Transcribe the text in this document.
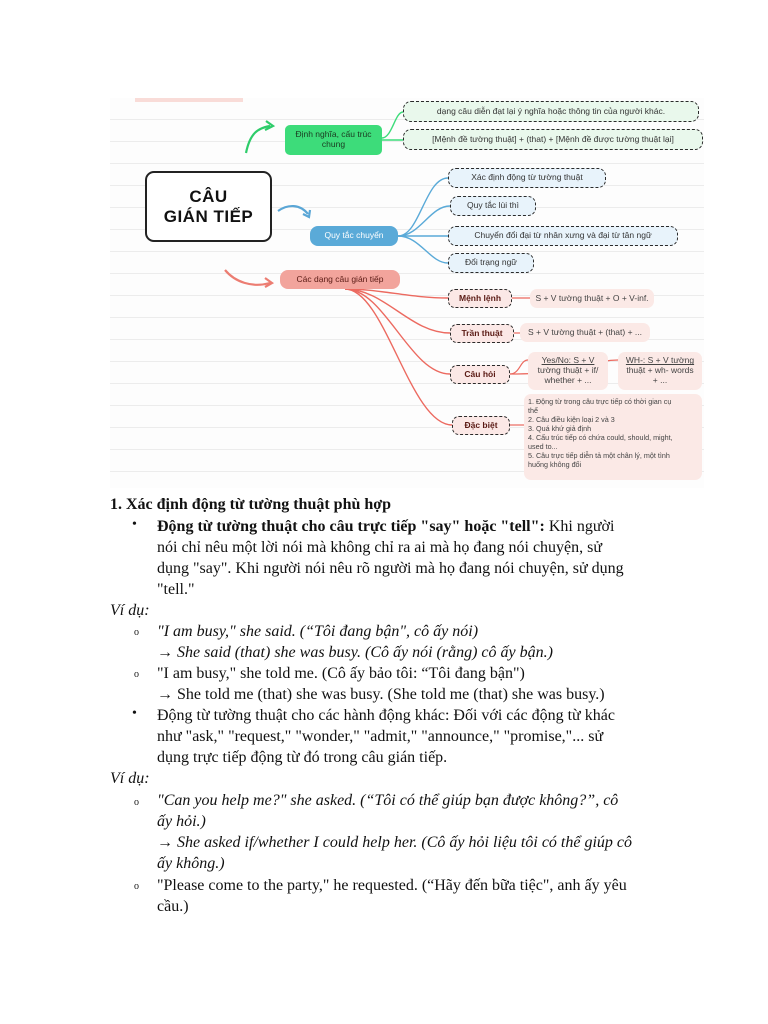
CÂU
GIÁN TIẾP
Định nghĩa, cấu trúc
chung
dạng câu diễn đạt lại ý nghĩa hoặc thông tin của người khác.
[Mệnh đề tường thuật] + (that) + [Mệnh đề được tường thuật lại]
Quy tắc chuyển
Xác định động từ tường thuật
Quy tắc lùi thì
Chuyển đổi đại từ nhân xưng và đại từ tân ngữ
Đổi trạng ngữ
Các dạng câu gián tiếp
Mệnh lệnh
Trần thuật
Câu hỏi
Đặc biệt
S + V tường thuật + O + V-inf.
S + V tường thuật + (that) + ...
Yes/No: S + V
tường thuật + if/
whether + ...
WH-: S + V tường
thuật + wh- words
+ ...
1. Động từ trong câu trực tiếp có thời gian cụ
thể
2. Câu điều kiện loại 2 và 3
3. Quá khứ giả định
4. Cấu trúc tiếp có chứa could, should, might,
used to...
5. Câu trực tiếp diễn tả một chân lý, một tình
huống không đổi
1. Xác định động từ tường thuật phù hợp
• Động từ tường thuật cho câu trực tiếp "say" hoặc "tell": Khi người
nói chỉ nêu một lời nói mà không chỉ ra ai mà họ đang nói chuyện, sử
dụng "say". Khi người nói nêu rõ người mà họ đang nói chuyện, sử dụng
"tell."
Ví dụ:
o "I am busy," she said. (“Tôi đang bận", cô ấy nói)
→ She said (that) she was busy. (Cô ấy nói (rằng) cô ấy bận.)
o "I am busy," she told me. (Cô ấy bảo tôi: “Tôi đang bận")
→ She told me (that) she was busy. (She told me (that) she was busy.)
• Động từ tường thuật cho các hành động khác: Đối với các động từ khác
như "ask," "request," "wonder," "admit," "announce," "promise,"... sử
dụng trực tiếp động từ đó trong câu gián tiếp.
Ví dụ:
o "Can you help me?" she asked. (“Tôi có thể giúp bạn được không?”, cô
ấy hỏi.)
→ She asked if/whether I could help her. (Cô ấy hỏi liệu tôi có thể giúp cô
ấy không.)
o "Please come to the party," he requested. (“Hãy đến bữa tiệc", anh ấy yêu
cầu.)
